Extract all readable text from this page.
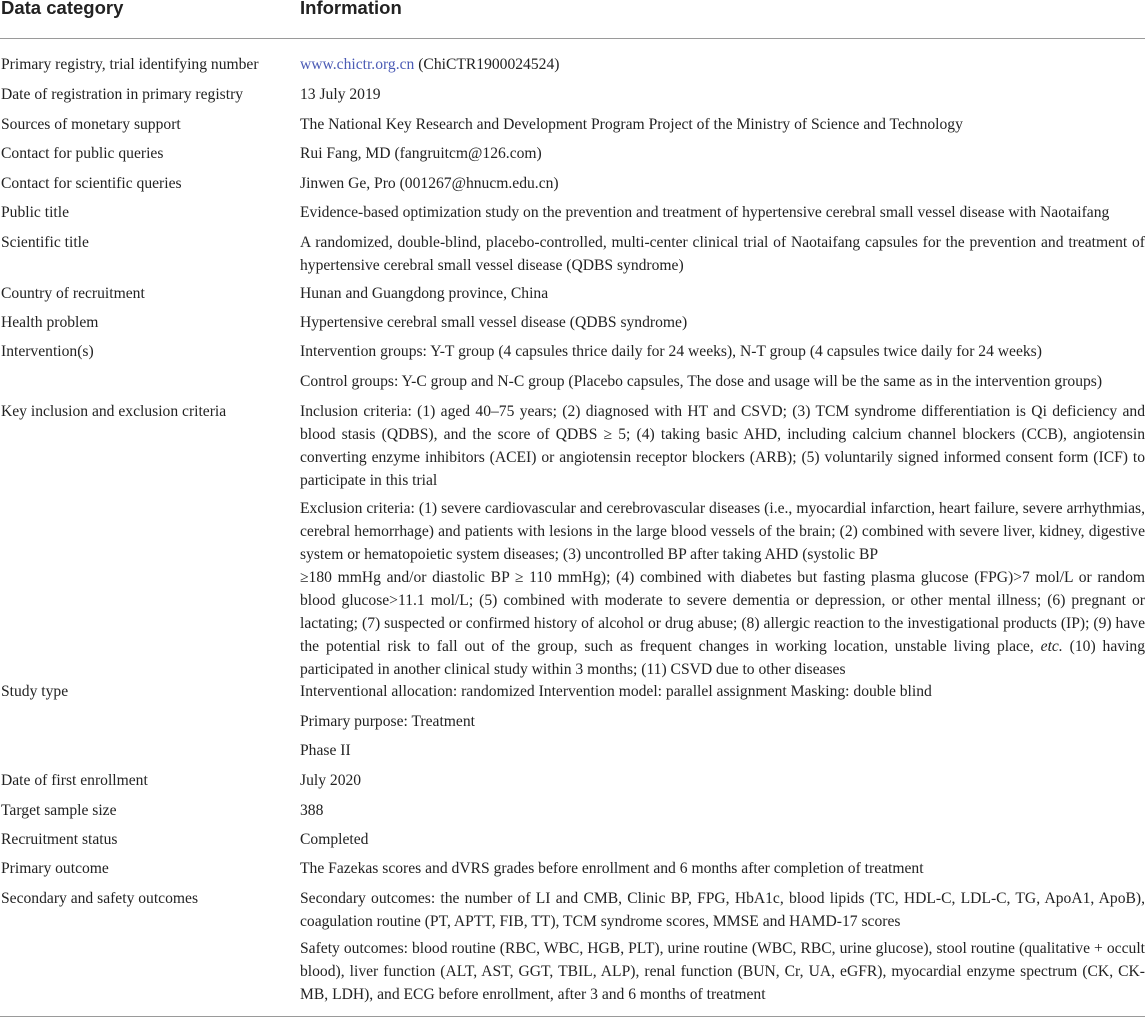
Data category	Information
Primary registry, trial identifying number	www.chictr.org.cn (ChiCTR1900024524)
Date of registration in primary registry	13 July 2019
Sources of monetary support	The National Key Research and Development Program Project of the Ministry of Science and Technology
Contact for public queries	Rui Fang, MD (fangruitcm@126.com)
Contact for scientific queries	Jinwen Ge, Pro (001267@hnucm.edu.cn)
Public title	Evidence-based optimization study on the prevention and treatment of hypertensive cerebral small vessel disease with Naotaifang
Scientific title	A randomized, double-blind, placebo-controlled, multi-center clinical trial of Naotaifang capsules for the prevention and treatment of hypertensive cerebral small vessel disease (QDBS syndrome)
Country of recruitment	Hunan and Guangdong province, China
Health problem	Hypertensive cerebral small vessel disease (QDBS syndrome)
Intervention(s)	Intervention groups: Y-T group (4 capsules thrice daily for 24 weeks), N-T group (4 capsules twice daily for 24 weeks)
Control groups: Y-C group and N-C group (Placebo capsules, The dose and usage will be the same as in the intervention groups)
Key inclusion and exclusion criteria	Inclusion criteria: (1) aged 40–75 years; (2) diagnosed with HT and CSVD; (3) TCM syndrome differentiation is Qi deficiency and blood stasis (QDBS), and the score of QDBS ≥ 5; (4) taking basic AHD, including calcium channel blockers (CCB), angiotensin converting enzyme inhibitors (ACEI) or angiotensin receptor blockers (ARB); (5) voluntarily signed informed consent form (ICF) to participate in this trial
Exclusion criteria: (1) severe cardiovascular and cerebrovascular diseases (i.e., myocardial infarction, heart failure, severe arrhythmias, cerebral hemorrhage) and patients with lesions in the large blood vessels of the brain; (2) combined with severe liver, kidney, digestive system or hematopoietic system diseases; (3) uncontrolled BP after taking AHD (systolic BP
≥180 mmHg and/or diastolic BP ≥ 110 mmHg); (4) combined with diabetes but fasting plasma glucose (FPG)>7 mol/L or random blood glucose>11.1 mol/L; (5) combined with moderate to severe dementia or depression, or other mental illness; (6) pregnant or lactating; (7) suspected or confirmed history of alcohol or drug abuse; (8) allergic reaction to the investigational products (IP); (9) have the potential risk to fall out of the group, such as frequent changes in working location, unstable living place, etc. (10) having participated in another clinical study within 3 months; (11) CSVD due to other diseases
Study type	Interventional allocation: randomized Intervention model: parallel assignment Masking: double blind
Primary purpose: Treatment
Phase II
Date of first enrollment	July 2020
Target sample size	388
Recruitment status	Completed
Primary outcome	The Fazekas scores and dVRS grades before enrollment and 6 months after completion of treatment
Secondary and safety outcomes	Secondary outcomes: the number of LI and CMB, Clinic BP, FPG, HbA1c, blood lipids (TC, HDL-C, LDL-C, TG, ApoA1, ApoB), coagulation routine (PT, APTT, FIB, TT), TCM syndrome scores, MMSE and HAMD-17 scores
Safety outcomes: blood routine (RBC, WBC, HGB, PLT), urine routine (WBC, RBC, urine glucose), stool routine (qualitative + occult blood), liver function (ALT, AST, GGT, TBIL, ALP), renal function (BUN, Cr, UA, eGFR), myocardial enzyme spectrum (CK, CK-MB, LDH), and ECG before enrollment, after 3 and 6 months of treatment
